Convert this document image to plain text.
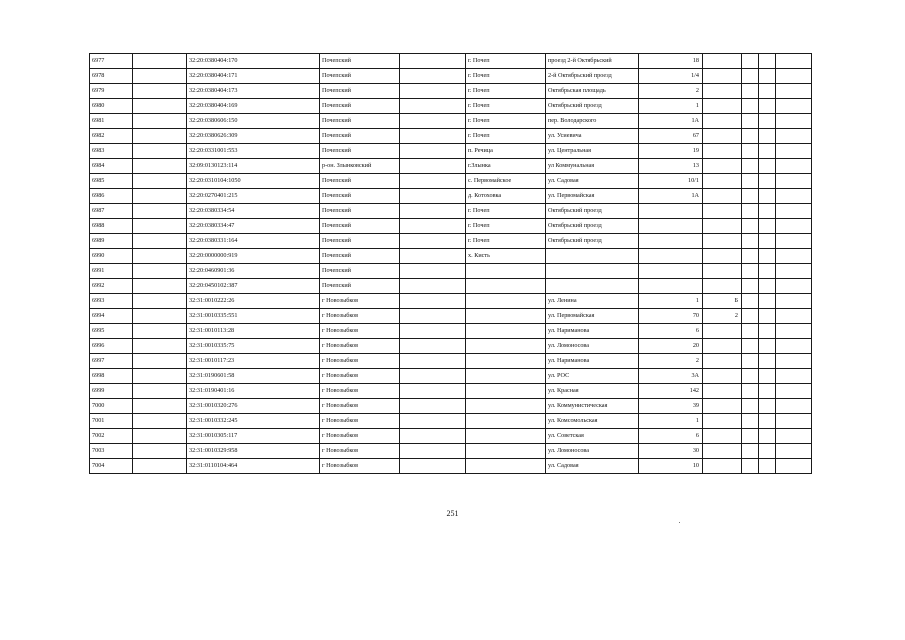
6977		32:20:0380404:170	Почепский		г. Почеп	проезд 2-й Октябрьский	18				
6978		32:20:0380404:171	Почепский		г. Почеп	2-й Октябрьский проезд	1/4				
6979		32:20:0380404:173	Почепский		г. Почеп	Октябрьская площадь	2				
6980		32:20:0380404:169	Почепский		г. Почеп	Октябрьский проезд	1				
6981		32:20:0380606:150	Почепский		г. Почеп	пер. Володарского	1А				
6982		32:20:0380626:309	Почепский		г. Почеп	ул. Усиевича	67				
6983		32:20:0331001:553	Почепский		п. Речица	ул. Центральная	19				
6984		32:09:0130123:114	р-он. Злынковский		г.Злынка	ул Коммунальная	13				
6985		32:20:0310104:1050	Почепский		с. Первомайское	ул. Садовая	10/1				
6986		32:20:0270401:215	Почепский		д. Котоховка	ул. Первомайская	1А				
6987		32:20:0380334:54	Почепский		г. Почеп	Октябрьский проезд					
6988		32:20:0380334:47	Почепский		г. Почеп	Октябрьский проезд					
6989		32:20:0380331:164	Почепский		г. Почеп	Октябрьский проезд					
6990		32:20:0000000:919	Почепский		х. Кисть						
6991		32:20:0460901:36	Почепский								
6992		32:20:0450102:387	Почепский								
6993		32:31:0010222:26	г Новозыбков			ул. Ленина	1	Б			
6994		32:31:0010335:551	г Новозыбков			ул. Первомайская	70	2			
6995		32:31:0010113:28	г Новозыбков			ул. Нариманова	6				
6996		32:31:0010335:75	г Новозыбков			ул. Ломоносова	20				
6997		32:31:0010117:23	г Новозыбков			ул. Нариманова	2				
6998		32:31:0190601:58	г Новозыбков			ул. РОС	3А				
6999		32:31:0190401:16	г Новозыбков			ул. Красная	142				
7000		32:31:0010320:276	г Новозыбков			ул. Коммунистическая	39				
7001		32:31:0010332:245	г Новозыбков			ул. Комсомольская	1				
7002		32:31:0010305:117	г Новозыбков			ул. Советская	6				
7003		32:31:0010329:958	г Новозыбков			ул. Ломоносова	30				
7004		32:31:0110104:464	г Новозыбков			ул. Садовая	10				
251
